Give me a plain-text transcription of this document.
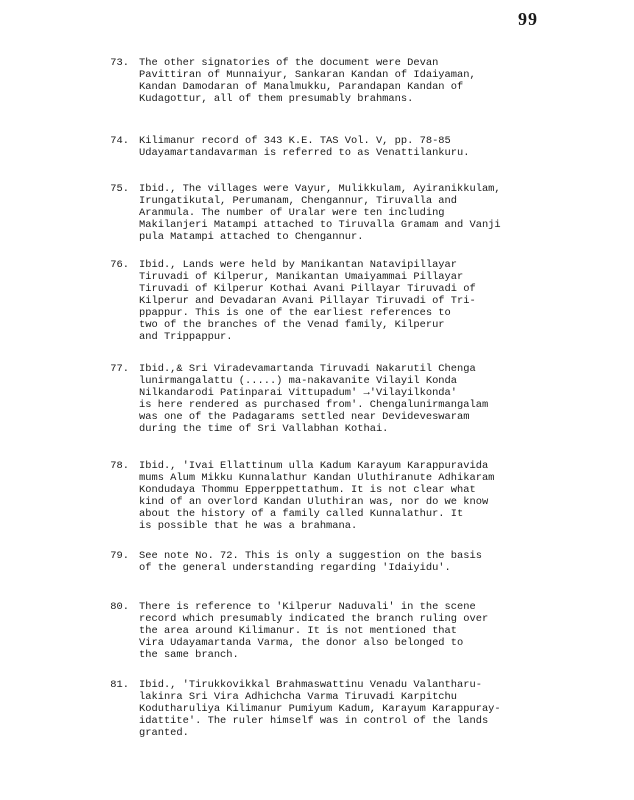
99
73. The other signatories of the document were Devan
Pavittiran of Munnaiyur, Sankaran Kandan of Idaiyaman,
Kandan Damodaran of Manalmukku, Parandapan Kandan of
Kudagottur, all of them presumably brahmans.
74. Kilimanur record of 343 K.E. TAS Vol. V, pp. 78-85
Udayamartandavarman is referred to as Venattilankuru.
75. Ibid., The villages were Vayur, Mulikkulam, Ayiranikkulam,
Irungatikutal, Perumanam, Chengannur, Tiruvalla and
Aranmula. The number of Uralar were ten including
Makilanjeri Matampi attached to Tiruvalla Gramam and Vanji
pula Matampi attached to Chengannur.
76. Ibid., Lands were held by Manikantan Natavipillayar
Tiruvadi of Kilperur, Manikantan Umaiyammai Pillayar
Tiruvadi of Kilperur Kothai Avani Pillayar Tiruvadi of
Kilperur and Devadaran Avani Pillayar Tiruvadi of Tri-
ppappur. This is one of the earliest references to
two of the branches of the Venad family, Kilperur
and Trippappur.
77. Ibid.,& Sri Viradevamartanda Tiruvadi Nakarutil Chenga
lunirmangalattu (.....) ma-nakavanite Vilayil Konda
Nilkandarodi Patinparai Vittupadum' →'Vilayilkonda'
is here rendered as purchased from'. Chengalunirmangalam
was one of the Padagarams settled near Devideveswaram
during the time of Sri Vallabhan Kothai.
78. Ibid., 'Ivai Ellattinum ulla Kadum Karayum Karappuravida
mums Alum Mikku Kunnalathur Kandan Uluthiranute Adhikaram
Kondudaya Thommu Epperppettathum. It is not clear what
kind of an overlord Kandan Uluthiran was, nor do we know
about the history of a family called Kunnalathur. It
is possible that he was a brahmana.
79. See note No. 72. This is only a suggestion on the basis
of the general understanding regarding 'Idaiyidu'.
80. There is reference to 'Kilperur Naduvali' in the scene
record which presumably indicated the branch ruling over
the area around Kilimanur. It is not mentioned that
Vira Udayamartanda Varma, the donor also belonged to
the same branch.
81. Ibid., 'Tirukkovikkal Brahmaswattinu Venadu Valantharu-
lakinra Sri Vira Adhichcha Varma Tiruvadi Karpitchu
Kodutharuliya Kilimanur Pumiyum Kadum, Karayum Karappuray-
idattite'. The ruler himself was in control of the lands
granted.
